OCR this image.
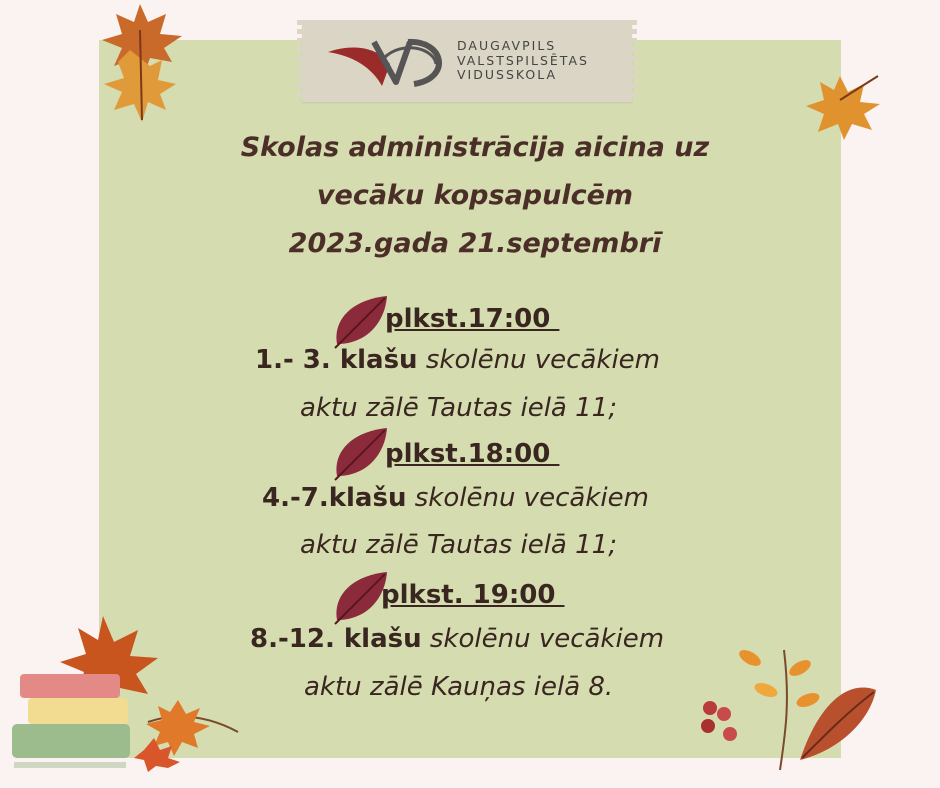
DAUGAVPILS
VALSTSPILSĒTAS
VIDUSSKOLA
Skolas administrācija aicina uz
vecāku kopsapulcēm
2023.gada 21.septembrī
plkst.17:00
1.- 3. klašu skolēnu vecākiem
aktu zālē Tautas ielā 11;
plkst.18:00
4.-7.klašu skolēnu vecākiem
aktu zālē Tautas ielā 11;
plkst. 19:00
8.-12. klašu skolēnu vecākiem
aktu zālē Kauņas ielā 8.
